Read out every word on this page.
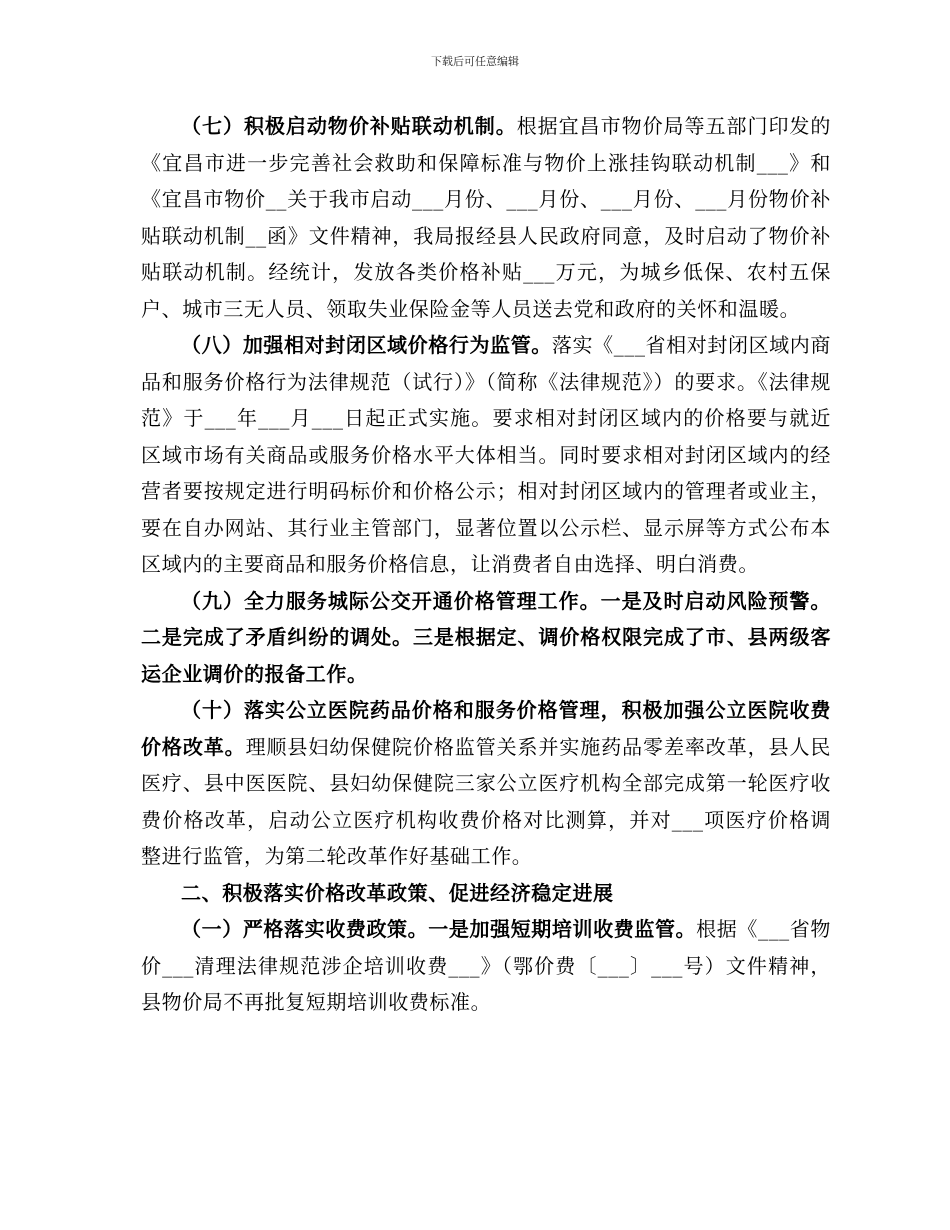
下载后可任意编辑

（七）积极启动物价补贴联动机制。根据宜昌市物价局等五部门印发的《宜昌市进一步完善社会救助和保障标准与物价上涨挂钩联动机制___》和《宜昌市物价__关于我市启动___月份、___月份、___月份、___月份物价补贴联动机制__函》文件精神，我局报经县人民政府同意，及时启动了物价补贴联动机制。经统计，发放各类价格补贴___万元，为城乡低保、农村五保户、城市三无人员、领取失业保险金等人员送去党和政府的关怀和温暖。

（八）加强相对封闭区域价格行为监管。落实《___省相对封闭区域内商品和服务价格行为法律规范（试行）》（简称《法律规范》）的要求。《法律规范》于___年___月___日起正式实施。要求相对封闭区域内的价格要与就近区域市场有关商品或服务价格水平大体相当。同时要求相对封闭区域内的经营者要按规定进行明码标价和价格公示；相对封闭区域内的管理者或业主，要在自办网站、其行业主管部门，显著位置以公示栏、显示屏等方式公布本区域内的主要商品和服务价格信息，让消费者自由选择、明白消费。

（九）全力服务城际公交开通价格管理工作。一是及时启动风险预警。二是完成了矛盾纠纷的调处。三是根据定、调价格权限完成了市、县两级客运企业调价的报备工作。

（十）落实公立医院药品价格和服务价格管理，积极加强公立医院收费价格改革。理顺县妇幼保健院价格监管关系并实施药品零差率改革，县人民医疗、县中医医院、县妇幼保健院三家公立医疗机构全部完成第一轮医疗收费价格改革，启动公立医疗机构收费价格对比测算，并对___项医疗价格调整进行监管，为第二轮改革作好基础工作。

二、积极落实价格改革政策、促进经济稳定进展

（一）严格落实收费政策。一是加强短期培训收费监管。根据《___省物价___清理法律规范涉企培训收费___》（鄂价费〔___〕___号）文件精神，县物价局不再批复短期培训收费标准。
